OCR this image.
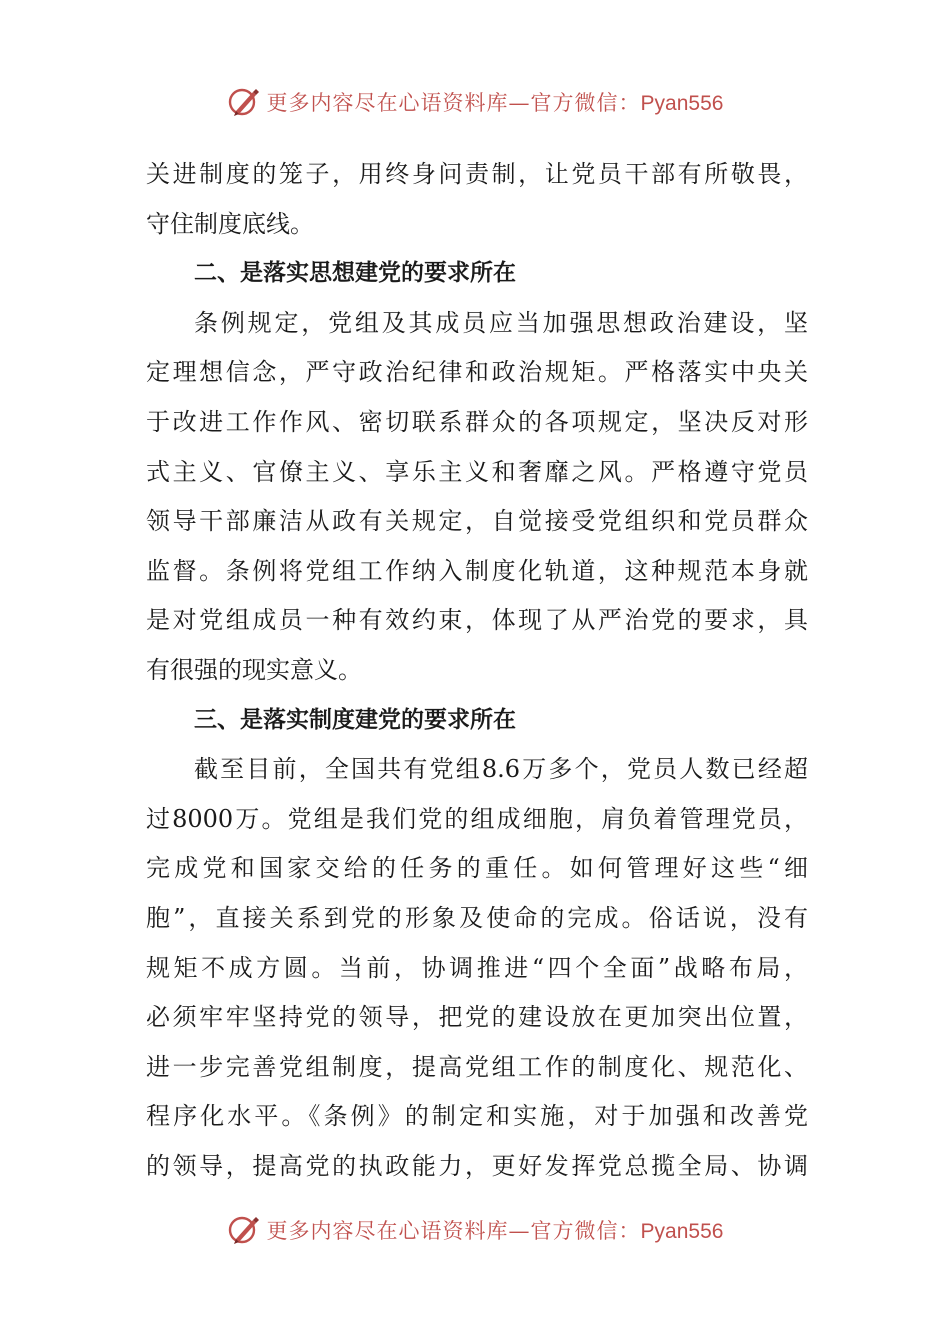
更多内容尽在心语资料库—官方微信：Pyan556
关进制度的笼子，用终身问责制，让党员干部有所敬畏，
守住制度底线。
二、是落实思想建党的要求所在
条例规定，党组及其成员应当加强思想政治建设，坚
定理想信念，严守政治纪律和政治规矩。严格落实中央关
于改进工作作风、密切联系群众的各项规定，坚决反对形
式主义、官僚主义、享乐主义和奢靡之风。严格遵守党员
领导干部廉洁从政有关规定，自觉接受党组织和党员群众
监督。条例将党组工作纳入制度化轨道，这种规范本身就
是对党组成员一种有效约束，体现了从严治党的要求，具
有很强的现实意义。
三、是落实制度建党的要求所在
截至目前，全国共有党组8.6万多个，党员人数已经超
过8000万。党组是我们党的组成细胞，肩负着管理党员，
完成党和国家交给的任务的重任。如何管理好这些“细
胞”，直接关系到党的形象及使命的完成。俗话说，没有
规矩不成方圆。当前，协调推进“四个全面”战略布局，
必须牢牢坚持党的领导，把党的建设放在更加突出位置，
进一步完善党组制度，提高党组工作的制度化、规范化、
程序化水平。《条例》的制定和实施，对于加强和改善党
的领导，提高党的执政能力，更好发挥党总揽全局、协调
更多内容尽在心语资料库—官方微信：Pyan556
